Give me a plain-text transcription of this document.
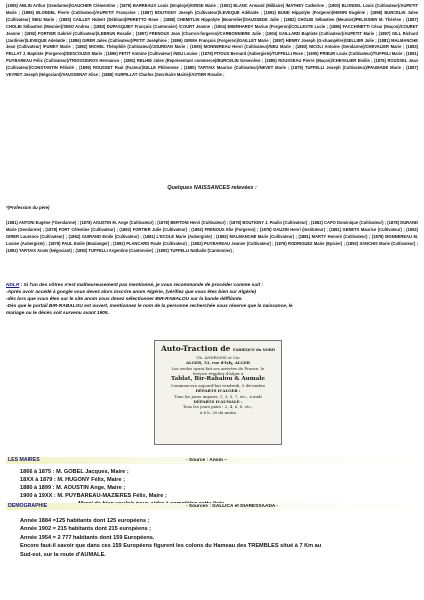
(1905) ABLIN Arthur (Gendarme)/GAUCHER Clémentine ; (1879) BARREAUX Louis (Employé)/GRISE Marie ; (1902) BLANC Armand (Militaire) /MATHEY Catherine ; (1900) BLONDEL Louis (Cultivateur)/AUPETIT Marie ; (1896) BLONDEL Pierre (Cultivateur)/AUPETIT Françoise ; (1887) BOUTIGNY Joseph (Cultivateur)/LEVEQUE Adélaide ; (1892) BUND Hippolyte (Forgeron)/HENRI Eugénie ; (1898) BURCELIN Jules (Cultivateur) /NEU Marie ; (1883) CAILLET Hubert (Débitant)/PERETTO Rose ; (1888) CHEMITLIN Hippolyte (Bourrelier)/SAUSSEDE Julie ; (1882) CHOLBI Sébastien (Meunier)/PELISSIER M. Thérèse ; (1887) CHOLBI Sébastien (Meunier)/SIMO Andrea ; (1883) DUPASQUIET François (Cantonnier) /COURT Jeanne ; (1904) EBERHARDY Marius (Forgeron)/COLLESTE Lucie ; (1886) FACCHINETTI César (Maçon)/COURET Jeanne ; (1892) FORTIER Gabriel (Cultivateur)/LEBRUN Rosalie ; (1897) FRENOUX Jean (Charron-forgeron)/CARBONNIERE Julie ; (1904) GAILLARD Baptiste (Cultivateur)/AUPETIT Marie ; (1897) GILL Richard (Jardinier)/LEVEQUE Adelaïde ; (1886) GIRER Jules (Cultivateur)/PETIT Joséphine ; (1896) GIRMA François (Forgeron)/GAILLET Marie ; (1897) HENRY Joseph (G-champêtre)/SELLIER Julie ; (1881) MALMANCHE Jean (Cultivateur) /FUMEY Marie ; (1892) MICHEL Théophile (Cultivateur)/JOURDAN Marie ; (1905) MONNEREAU Henri (Cultivateur)/NEU Marie ; (1883) NICOLI Antoine (Gendarme)/CHEVALIER Marie ; (1883) PELLAT J. Baptiste (Forgeron)/DESCOUZIS Marie ; (1896) PETIT Antoine (Cultivateur) /NEU Louise ; (1878) PITOUS Bernard (Aubergiste)/TUFFELLI Rose ; (1905) PRIEUR Louis (Cultivateur)/TUFFELI Marie ; (1891) PUYBAREAU Félix (Cultivateur)/TRIOSSIGROS Hermance ; (1891) RELHIE Jules (Représentant commerce)/BURCELIN Geneviève ; (1885) ROUSSEAU Pierre (Maçon)/CHEVALIER Emilie ; (1876) ROUSSEL Jean (Cultivateur)/CONSTANTIN Félicité ; (1899) ROUSSET Paul (Facteur)/GILLE Philomene ; (1885) TARTAIX Maurice (Cultivateur)/NEVET Marie ; (1879) TUFFELLI Joseph (Cultivateur)/PAUMADE Marie ; (1887) VEYRET Joseph (Négociant)/VAUSSENAT Alice ; (1885) VURPILLAT Charles (Secrétaire Mairie)/ASTIER Rosalie ;
Quelques NAISSANCES relevées :
*(Profession du père)
(1881) ANTONI Eugène (*Gendarme) ; (1878) AOUSTIN M. Ange (Cultivateur) ; (1878) BERTONI Henri (Cultivateur) ; (1878) BOUTIGNY J. Paulin (Cultivateur) ; (1882) CAPO Dominique (Cultivateur) ; (1878) DURAND Marie (Gendarme) ; (1878) FORT Célestine (Cultivateur) ; (1892) FORTIER Julie (Cultivateur) ; (1892) FRENOUX Elie (Forgeron) ; (1878) GAUZIN Henri (Instituteur) ; (1881) GENETS Maurice (Cultivateur) ; (1892) GIRER Laurence (Cultivateur) ; (1882) GUIRAND Emile (Cultivateur) ; (1881) L'ECOLE Marie (Aubergiste) ; (1882) MALMANCHE Marie (Cultivateur) ; (1881) MARTY Honoré (Cultivateur) ; (1878) MONNEREAU M. Louise (Aubergiste) ; (1878) PAUL Emile (Boulanger) ; (1892) PLANCARD Paule (Cultivateur) ; (1892) PUYBAREAU Jeanne (Cultivateur) ; (1878) RODRIGUEZ Marie (Epicier) ; (1892) SANCHIS Marie (Cultivateur) ; (1892) TARTAIX Anaïs (Négociant) ; (1892) TUFFELLI Argentine (Cantonnier) ; (1892) TUFFELLI Nathalie (Cantonnier) ;
NDLR : Si l'un des vôtres n'est malheureusement pas mentionné, je vous recommande de procéder comme suit :
-Après avoir accédé à google vous devez alors inscrire anom Algérie, (vérifiez que vous êtes bien sur Algérie)
-dès lors que vous êtes sur le site anom vous devez sélectionner BIR-RABALOU sur la bande déffilante.
-Dès que le portail BIR-RABALOU est ouvert, mentionnez le nom de la personne recherchée sous réserve que la naissance, le
mariage ou le décès soit survenu avant 1905.
Auto-Traction de FABRIQUE du NORD
Ch. ANDROSSI et Cie
ALGER, 53, rue d'Isly, ALGER
Les seules ayant fait ses arrivées de France, le
Service régulier d'Alger à
Tablat, Bir-Rabalou & Aumale
Commencera aujourd'hui vendredi, 5 décembre
DÉPARTS D'ALGER :
Tous les jours impairs, 1, 3, 5, 7, etc., à midi
DÉPARTS D'AUMALE :
Tous les jours pairs : 2, 4, 6, 8, etc.,
à 6 h. 30 du matin
LES MAIRES	- Source : Anom –
1866 à 1875 : M. GOBEL Jacques, Maire ;
18XX à 1879 : M. HUGONY Félix, Maire ;
1880 à 1899 : M. AOUSTIN Ange, Maire ;
1900 à 19XX : M. PUYBAREAU-MAZIERES Félix, Maire ;
DEMOGRAPHIE	- Sources : GALLICA et DIARESSAADA -
Année 1884 =125 habitants dont 125 européens ;
Année 1902 = 215 habitants dont 215 européens ;
Année 1954 = 2 777 habitants dont 159 Européens.
Encore faut-il savoir que dans ces 159 Européens figurent les colons du Hameau des TREMBLES situé à 7 Km au
Sud-est, sur la route d'AUMALE.
